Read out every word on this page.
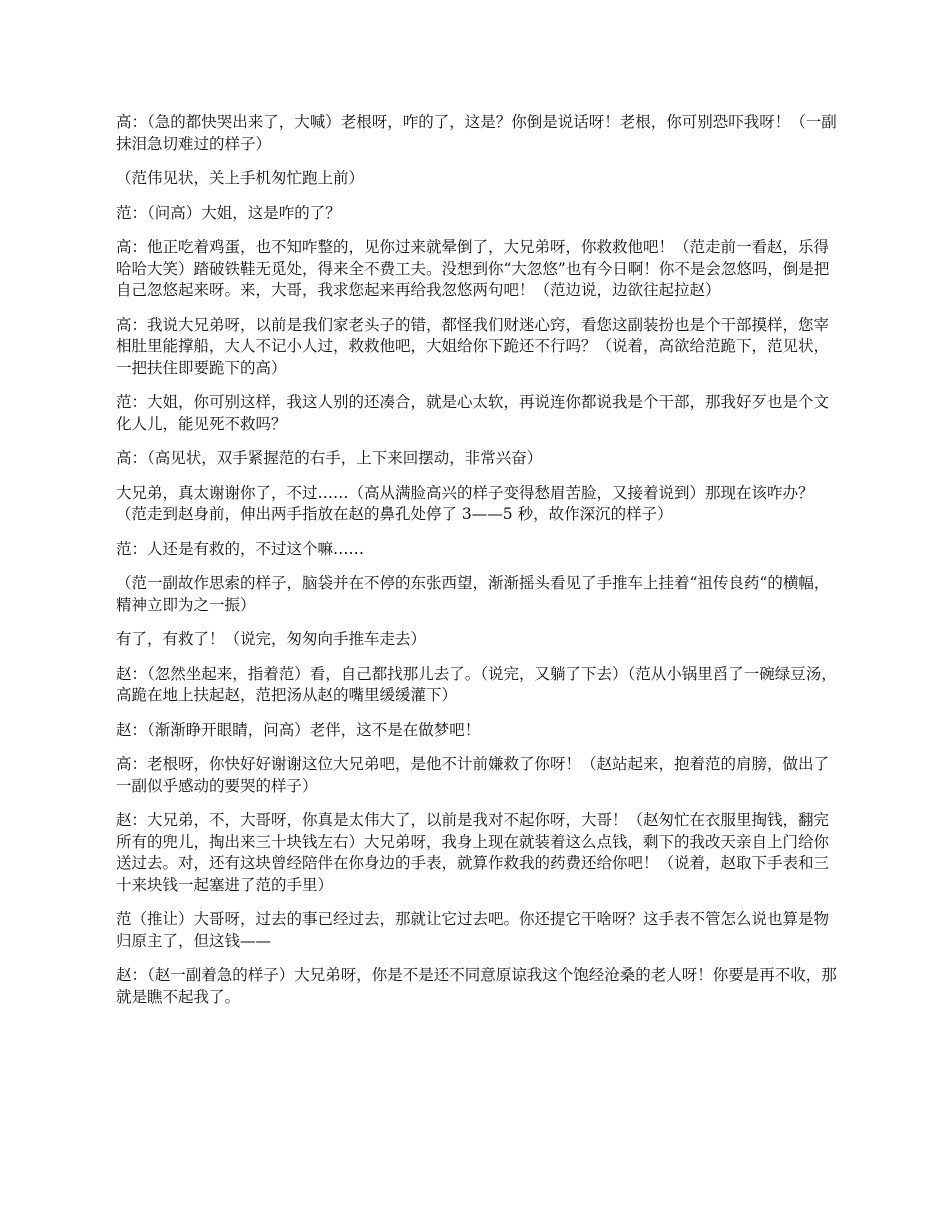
高：（急的都快哭出来了，大喊）老根呀，咋的了，这是？你倒是说话呀！老根，你可别恐吓我呀！（一副抹泪急切难过的样子）

（范伟见状，关上手机匆忙跑上前）

范：（问高）大姐，这是咋的了？

高：他正吃着鸡蛋，也不知咋整的，见你过来就晕倒了，大兄弟呀，你救救他吧！（范走前一看赵，乐得哈哈大笑）踏破铁鞋无觅处，得来全不费工夫。没想到你“大忽悠”也有今日啊！你不是会忽悠吗，倒是把自己忽悠起来呀。来，大哥，我求您起来再给我忽悠两句吧！（范边说，边欲往起拉赵）

高：我说大兄弟呀，以前是我们家老头子的错，都怪我们财迷心窍，看您这副装扮也是个干部摸样，您宰相肚里能撑船，大人不记小人过，救救他吧，大姐给你下跪还不行吗？（说着，高欲给范跪下，范见状，一把扶住即要跪下的高）

范：大姐，你可别这样，我这人别的还凑合，就是心太软，再说连你都说我是个干部，那我好歹也是个文化人儿，能见死不救吗？

高：（高见状，双手紧握范的右手，上下来回摆动，非常兴奋）

大兄弟，真太谢谢你了，不过……（高从满脸高兴的样子变得愁眉苦脸，又接着说到）那现在该咋办？（范走到赵身前，伸出两手指放在赵的鼻孔处停了 3——5 秒，故作深沉的样子）

范：人还是有救的，不过这个嘛……

（范一副故作思索的样子，脑袋并在不停的东张西望，渐渐摇头看见了手推车上挂着“祖传良药“的横幅，精神立即为之一振）

有了，有救了！（说完，匆匆向手推车走去）

赵：（忽然坐起来，指着范）看，自己都找那儿去了。（说完，又躺了下去）（范从小锅里舀了一碗绿豆汤，高跪在地上扶起赵，范把汤从赵的嘴里缓缓灌下）

赵：（渐渐睁开眼睛，问高）老伴，这不是在做梦吧！

高：老根呀，你快好好谢谢这位大兄弟吧，是他不计前嫌救了你呀！（赵站起来，抱着范的肩膀，做出了一副似乎感动的要哭的样子）

赵：大兄弟，不，大哥呀，你真是太伟大了，以前是我对不起你呀，大哥！（赵匆忙在衣服里掏钱，翻完所有的兜儿，掏出来三十块钱左右）大兄弟呀，我身上现在就装着这么点钱，剩下的我改天亲自上门给你送过去。对，还有这块曾经陪伴在你身边的手表，就算作救我的药费还给你吧！（说着，赵取下手表和三十来块钱一起塞进了范的手里）

范（推让）大哥呀，过去的事已经过去，那就让它过去吧。你还提它干啥呀？这手表不管怎么说也算是物归原主了，但这钱——

赵：（赵一副着急的样子）大兄弟呀，你是不是还不同意原谅我这个饱经沧桑的老人呀！你要是再不收，那就是瞧不起我了。
